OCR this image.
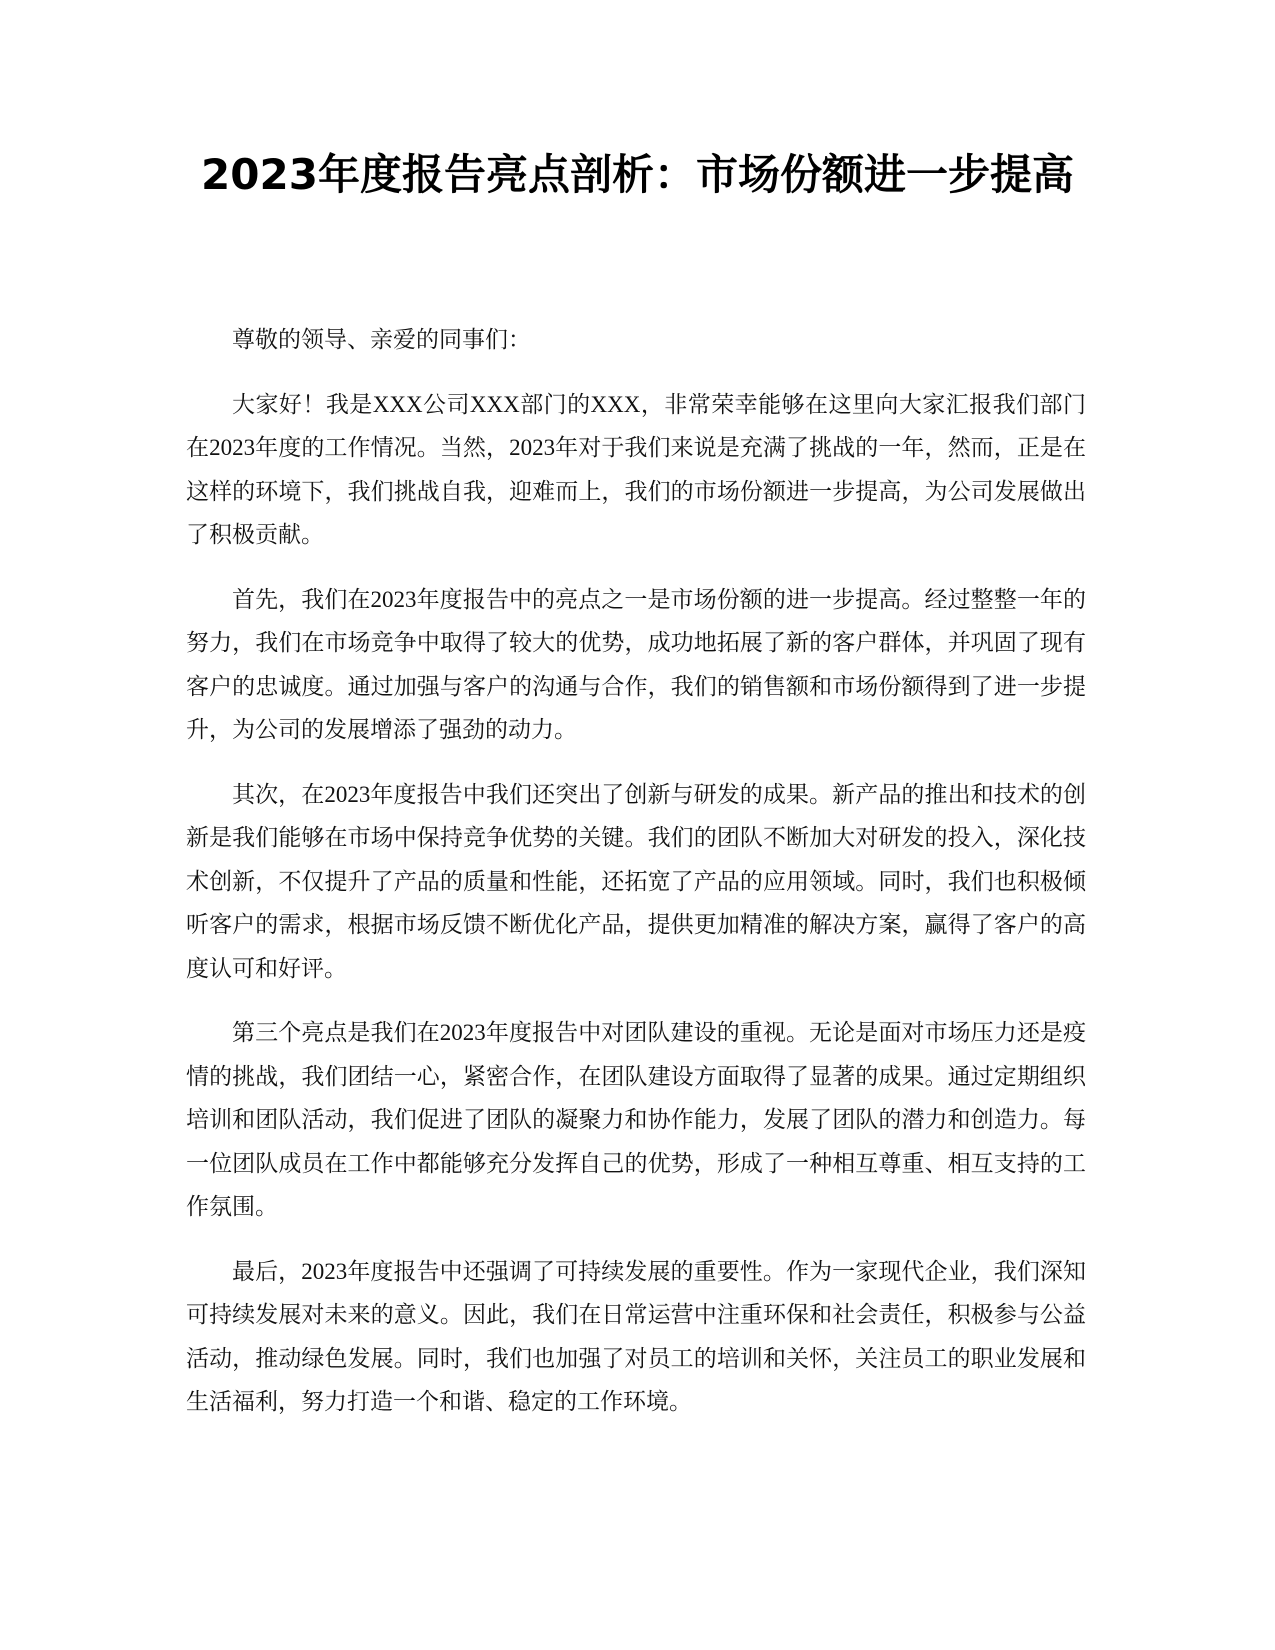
2023年度报告亮点剖析：市场份额进一步提高

尊敬的领导、亲爱的同事们：

大家好！我是XXX公司XXX部门的XXX，非常荣幸能够在这里向大家汇报我们部门在2023年度的工作情况。当然，2023年对于我们来说是充满了挑战的一年，然而，正是在这样的环境下，我们挑战自我，迎难而上，我们的市场份额进一步提高，为公司发展做出了积极贡献。

首先，我们在2023年度报告中的亮点之一是市场份额的进一步提高。经过整整一年的努力，我们在市场竞争中取得了较大的优势，成功地拓展了新的客户群体，并巩固了现有客户的忠诚度。通过加强与客户的沟通与合作，我们的销售额和市场份额得到了进一步提升，为公司的发展增添了强劲的动力。

其次，在2023年度报告中我们还突出了创新与研发的成果。新产品的推出和技术的创新是我们能够在市场中保持竞争优势的关键。我们的团队不断加大对研发的投入，深化技术创新，不仅提升了产品的质量和性能，还拓宽了产品的应用领域。同时，我们也积极倾听客户的需求，根据市场反馈不断优化产品，提供更加精准的解决方案，赢得了客户的高度认可和好评。

第三个亮点是我们在2023年度报告中对团队建设的重视。无论是面对市场压力还是疫情的挑战，我们团结一心，紧密合作，在团队建设方面取得了显著的成果。通过定期组织培训和团队活动，我们促进了团队的凝聚力和协作能力，发展了团队的潜力和创造力。每一位团队成员在工作中都能够充分发挥自己的优势，形成了一种相互尊重、相互支持的工作氛围。

最后，2023年度报告中还强调了可持续发展的重要性。作为一家现代企业，我们深知可持续发展对未来的意义。因此，我们在日常运营中注重环保和社会责任，积极参与公益活动，推动绿色发展。同时，我们也加强了对员工的培训和关怀，关注员工的职业发展和生活福利，努力打造一个和谐、稳定的工作环境。
